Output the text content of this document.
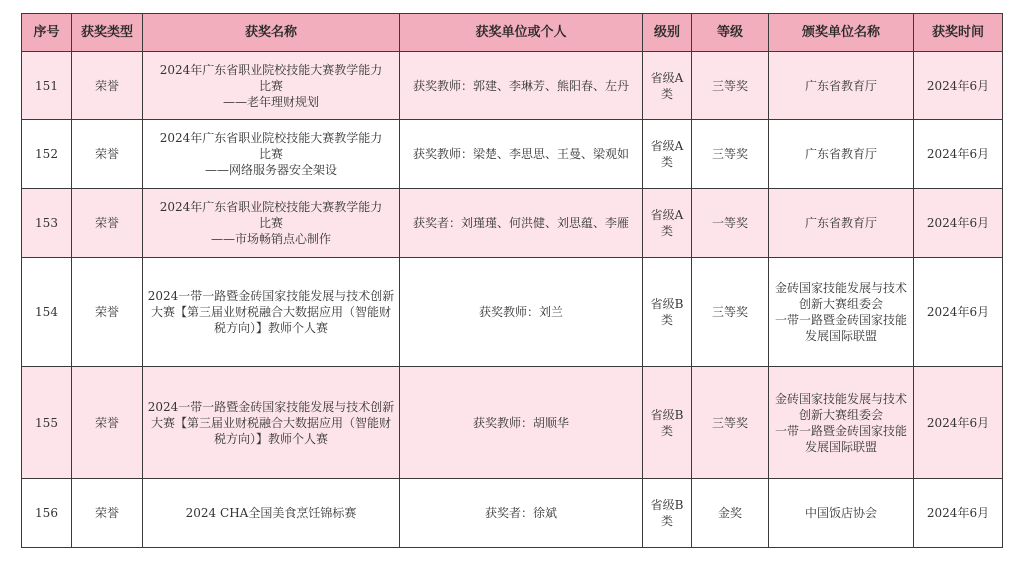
序号	获奖类型	获奖名称	获奖单位或个人	级别	等级	颁奖单位名称	获奖时间
151	荣誉	2024年广东省职业院校技能大赛教学能力
比赛
——老年理财规划	获奖教师：郭建、李琳芳、熊阳春、左丹	省级A类	三等奖	广东省教育厅	2024年6月
152	荣誉	2024年广东省职业院校技能大赛教学能力
比赛
——网络服务器安全架设	获奖教师：梁楚、李思思、王曼、梁观如	省级A类	三等奖	广东省教育厅	2024年6月
153	荣誉	2024年广东省职业院校技能大赛教学能力
比赛
——市场畅销点心制作	获奖者：刘瑾瑾、何洪健、刘思蕴、李雁	省级A类	一等奖	广东省教育厅	2024年6月
154	荣誉	2024一带一路暨金砖国家技能发展与技术创新大赛【第三届业财税融合大数据应用（智能财税方向）】教师个人赛	获奖教师：刘兰	省级B类	三等奖	金砖国家技能发展与技术
创新大赛组委会
一带一路暨金砖国家技能
发展国际联盟	2024年6月
155	荣誉	2024一带一路暨金砖国家技能发展与技术创新大赛【第三届业财税融合大数据应用（智能财税方向）】教师个人赛	获奖教师：胡顺华	省级B类	三等奖	金砖国家技能发展与技术
创新大赛组委会
一带一路暨金砖国家技能
发展国际联盟	2024年6月
156	荣誉	2024 CHA全国美食烹饪锦标赛	获奖者：徐斌	省级B类	金奖	中国饭店协会	2024年6月
